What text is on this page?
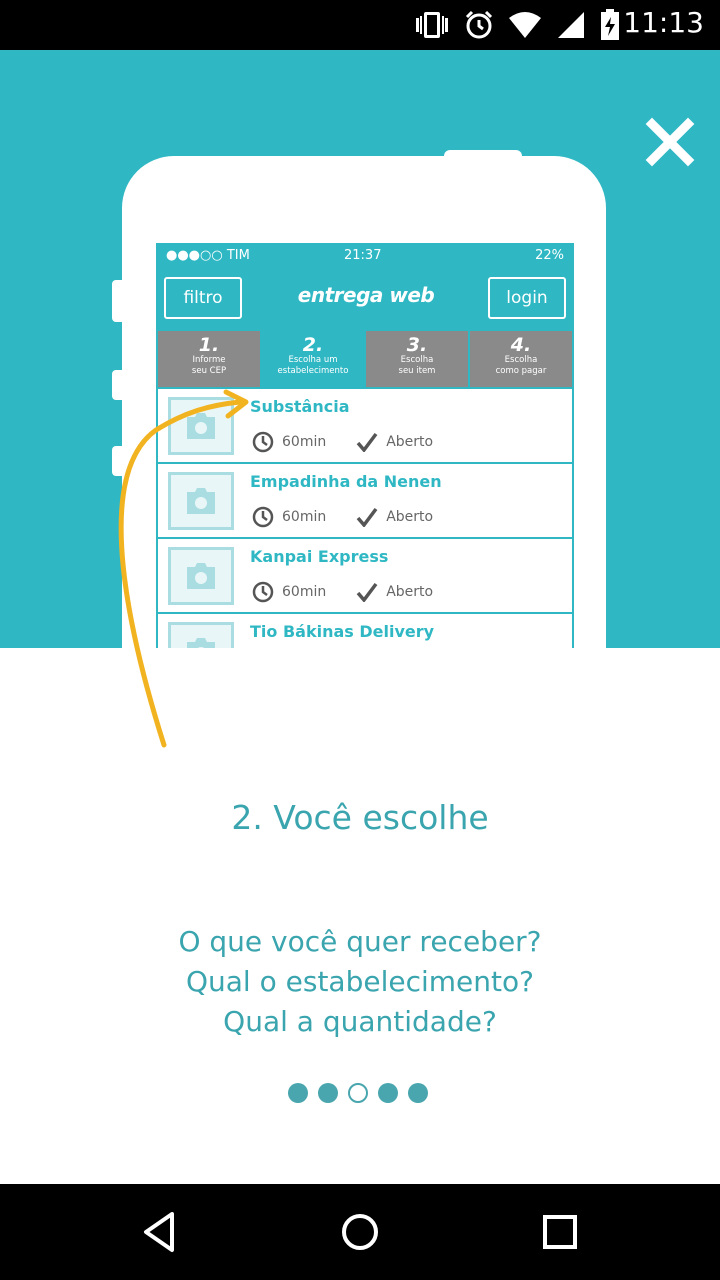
11:13
●●●○○ TIM	21:37	22%
filtro	entrega web	login
1.
Informe
seu CEP
2.
Escolha um
estabelecimento
3.
Escolha
seu item
4.
Escolha
como pagar
Substância
60min	Aberto
Empadinha da Nenen
60min	Aberto
Kanpai Express
60min	Aberto
Tio Bákinas Delivery
2. Você escolhe
O que você quer receber?
Qual o estabelecimento?
Qual a quantidade?
